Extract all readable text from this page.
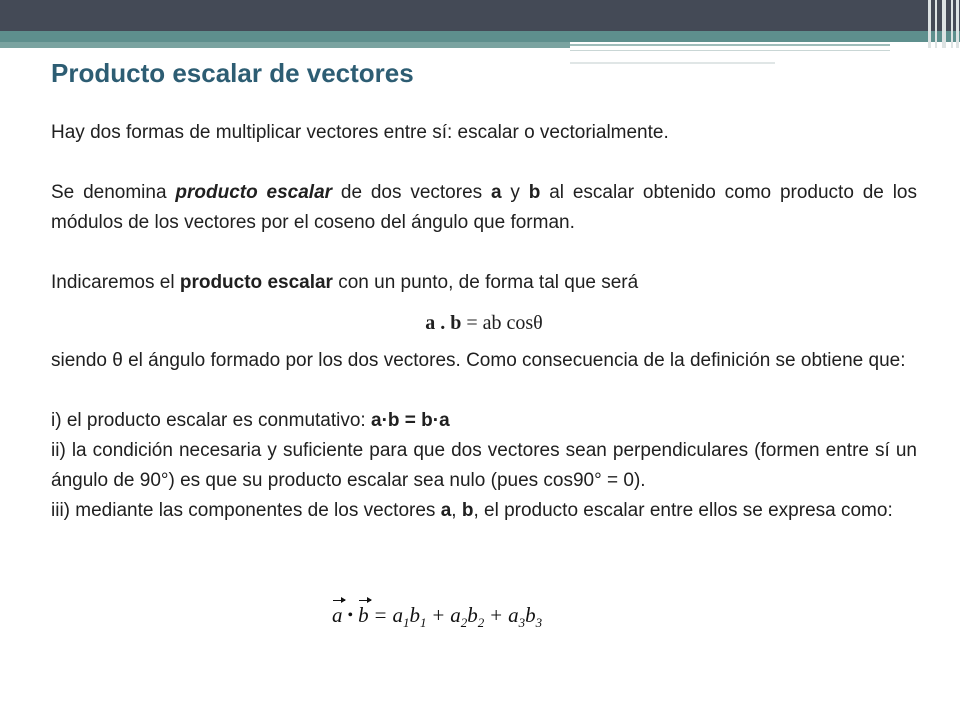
Producto escalar de vectores

Hay dos formas de multiplicar vectores entre sí: escalar o vectorialmente.

Se denomina producto escalar de dos vectores a y b al escalar obtenido como producto de los módulos de los vectores por el coseno del ángulo que forman.

Indicaremos el producto escalar con un punto, de forma tal que será

a . b = ab cosθ

siendo θ el ángulo formado por los dos vectores. Como consecuencia de la definición se obtiene que:

i) el producto escalar es conmutativo: a·b = b·a

ii) la condición necesaria y suficiente para que dos vectores sean perpendiculares (formen entre sí un ángulo de 90°) es que su producto escalar sea nulo (pues cos90° = 0).

iii) mediante las componentes de los vectores a, b, el producto escalar entre ellos se expresa como:

a • $b = a_1b_1 + a_2b_2 + a_3b_3$
